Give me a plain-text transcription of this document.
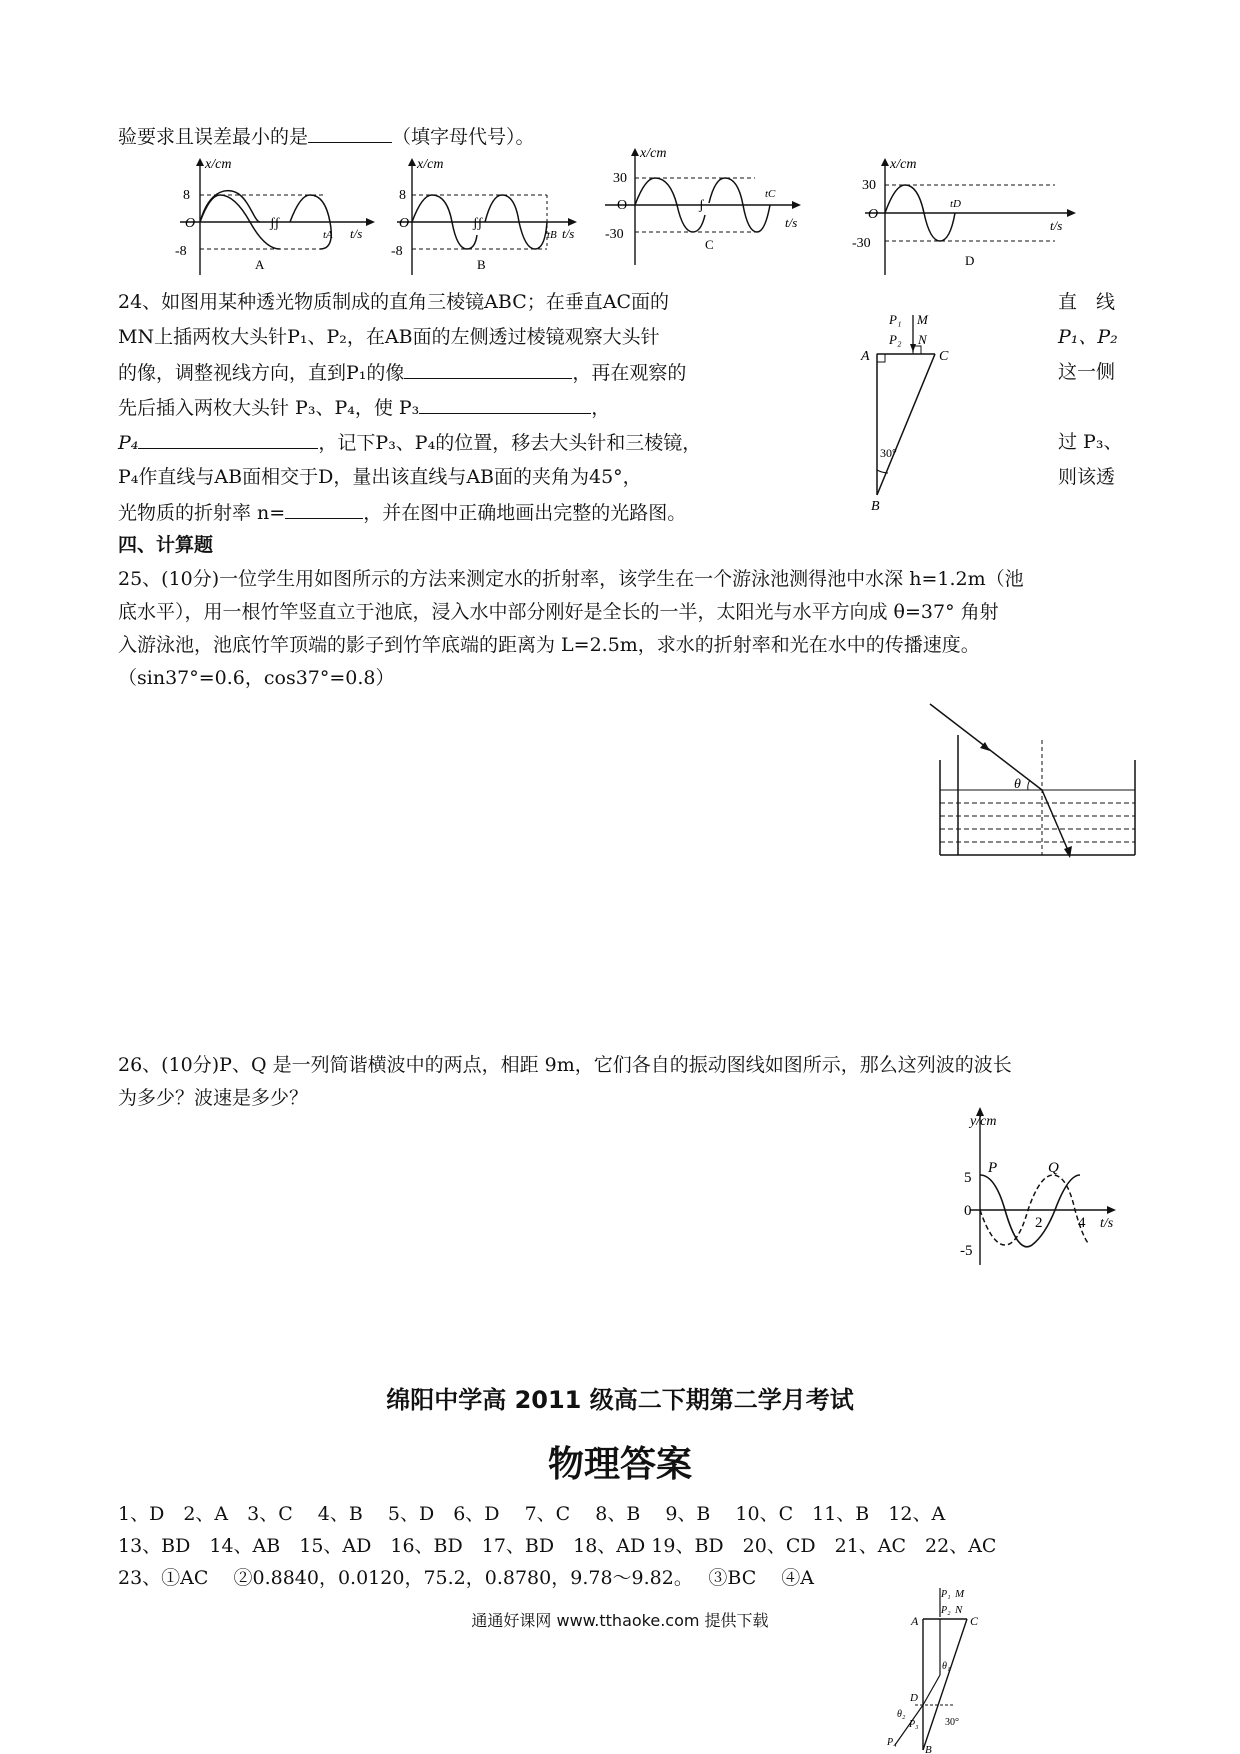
验要求且误差最小的是	（填字母代号）。
ʃʃ
x/cm
8
-8
O
tA t/s
A
ʃʃ
x/cm
8
-8
O
tB t/s
B
ʃ
x/cm
30
-30
O
tC
t/s
C
x/cm
30
-30
O
tD
t/s
D
24、如图用某种透光物质制成的直角三棱镜ABC；在垂直AC面的
MN上插两枚大头针P₁、P₂，在AB面的左侧透过棱镜观察大头针
的像，调整视线方向，直到P₁的像	，再在观察的
先后插入两枚大头针 P₃、P₄，使 P₃	，
P₄	，记下P₃、P₄的位置，移去大头针和三棱镜，
P₄作直线与AB面相交于D，量出该直线与AB面的夹角为45°，
光物质的折射率 n=	，并在图中正确地画出完整的光路图。
直　线
P₁、P₂
这一侧
过 P₃、
则该透
P₁ M
P₂ N
A	C
B
30°
四、计算题
25、(10分)一位学生用如图所示的方法来测定水的折射率，该学生在一个游泳池测得池中水深 h=1.2m（池
底水平），用一根竹竿竖直立于池底，浸入水中部分刚好是全长的一半，太阳光与水平方向成 θ=37° 角射
入游泳池，池底竹竿顶端的影子到竹竿底端的距离为 L=2.5m，求水的折射率和光在水中的传播速度。
（sin37°=0.6，cos37°=0.8）
θ
26、(10分)P、Q 是一列简谐横波中的两点，相距 9m，它们各自的振动图线如图所示，那么这列波的波长
为多少？波速是多少？
y/cm
5
-5
0
2 4 t/s
P	Q
绵阳中学高 2011 级高二下期第二学月考试
物理答案
1、D　2、A　3、C　 4、B　 5、D　6、D　 7、C　 8、B　 9、B　 10、C　11、B　12、A
13、BD　14、AB　15、AD　16、BD　17、BD　18、AD 19、BD　20、CD　21、AC　22、AC
23、①AC　 ②0.8840，0.0120，75.2，0.8780，9.78～9.82。　 ③BC　 ④A
P₁ M
P₂ N
A	C
θ₁
D
θ₂
P₃
P₄
30°
B
通通好课网 www.tthaoke.com 提供下载
